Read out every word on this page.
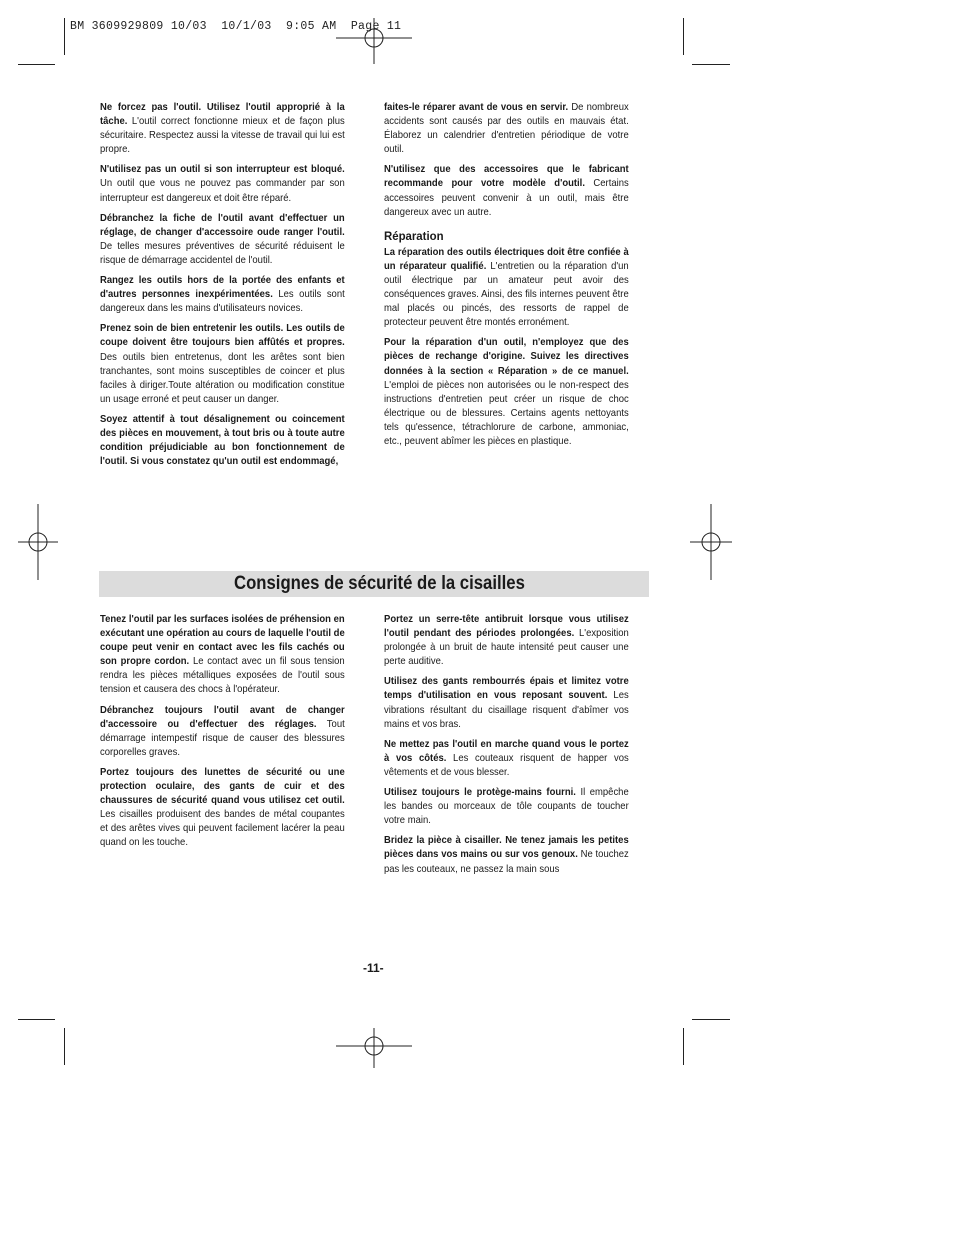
BM 3609929809 10/03  10/1/03  9:05 AM  Page 11

Ne forcez pas l'outil. Utilisez l'outil approprié à la tâche. L'outil correct fonctionne mieux et de façon plus sécuritaire. Respectez aussi la vitesse de travail qui lui est propre.

N'utilisez pas un outil si son interrupteur est bloqué. Un outil que vous ne pouvez pas commander par son interrupteur est dangereux et doit être réparé.

Débranchez la fiche de l'outil avant d'effectuer un réglage, de changer d'accessoire oude ranger l'outil. De telles mesures préventives de sécurité réduisent le risque de démarrage accidentel de l'outil.

Rangez les outils hors de la portée des enfants et d'autres personnes inexpérimentées. Les outils sont dangereux dans les mains d'utilisateurs novices.

Prenez soin de bien entretenir les outils. Les outils de coupe doivent être toujours bien affûtés et propres. Des outils bien entretenus, dont les arêtes sont bien tranchantes, sont moins susceptibles de coincer et plus faciles à diriger.Toute altération ou modification constitue un usage erroné et peut causer un danger.

Soyez attentif à tout désalignement ou coincement des pièces en mouvement, à tout bris ou à toute autre condition préjudiciable au bon fonctionnement de l'outil. Si vous constatez qu'un outil est endommagé,

faites-le réparer avant de vous en servir. De nombreux accidents sont causés par des outils en mauvais état. Élaborez un calendrier d'entretien périodique de votre outil.

N'utilisez que des accessoires que le fabricant recommande pour votre modèle d'outil. Certains accessoires peuvent convenir à un outil, mais être dangereux avec un autre.

Réparation

La réparation des outils électriques doit être confiée à un réparateur qualifié. L'entretien ou la réparation d'un outil électrique par un amateur peut avoir des conséquences graves. Ainsi, des fils internes peuvent être mal placés ou pincés, des ressorts de rappel de protecteur peuvent être montés erronément.

Pour la réparation d'un outil, n'employez que des pièces de rechange d'origine. Suivez les directives données à la section « Réparation » de ce manuel. L'emploi de pièces non autorisées ou le non-respect des instructions d'entretien peut créer un risque de choc électrique ou de blessures. Certains agents nettoyants tels qu'essence, tétrachlorure de carbone, ammoniac, etc., peuvent abîmer les pièces en plastique.

Consignes de sécurité de la cisailles

Tenez l'outil par les surfaces isolées de préhension en exécutant une opération au cours de laquelle l'outil de coupe peut venir en contact avec les fils cachés ou son propre cordon. Le contact avec un fil sous tension rendra les pièces métalliques exposées de l'outil sous tension et causera des chocs à l'opérateur.

Débranchez toujours l'outil avant de changer d'accessoire ou d'effectuer des réglages. Tout démarrage intempestif risque de causer des blessures corporelles graves.

Portez toujours des lunettes de sécurité ou une protection oculaire, des gants de cuir et des chaussures de sécurité quand vous utilisez cet outil. Les cisailles produisent des bandes de métal coupantes et des arêtes vives qui peuvent facilement lacérer la peau quand on les touche.

Portez un serre-tête antibruit lorsque vous utilisez l'outil pendant des périodes prolongées. L'exposition prolongée à un bruit de haute intensité peut causer une perte auditive.

Utilisez des gants rembourrés épais et limitez votre temps d'utilisation en vous reposant souvent. Les vibrations résultant du cisaillage risquent d'abîmer vos mains et vos bras.

Ne mettez pas l'outil en marche quand vous le portez à vos côtés. Les couteaux risquent de happer vos vêtements et de vous blesser.

Utilisez toujours le protège-mains fourni. Il empêche les bandes ou morceaux de tôle coupants de toucher votre main.

Bridez la pièce à cisailler. Ne tenez jamais les petites pièces dans vos mains ou sur vos genoux. Ne touchez pas les couteaux, ne passez la main sous

-11-
